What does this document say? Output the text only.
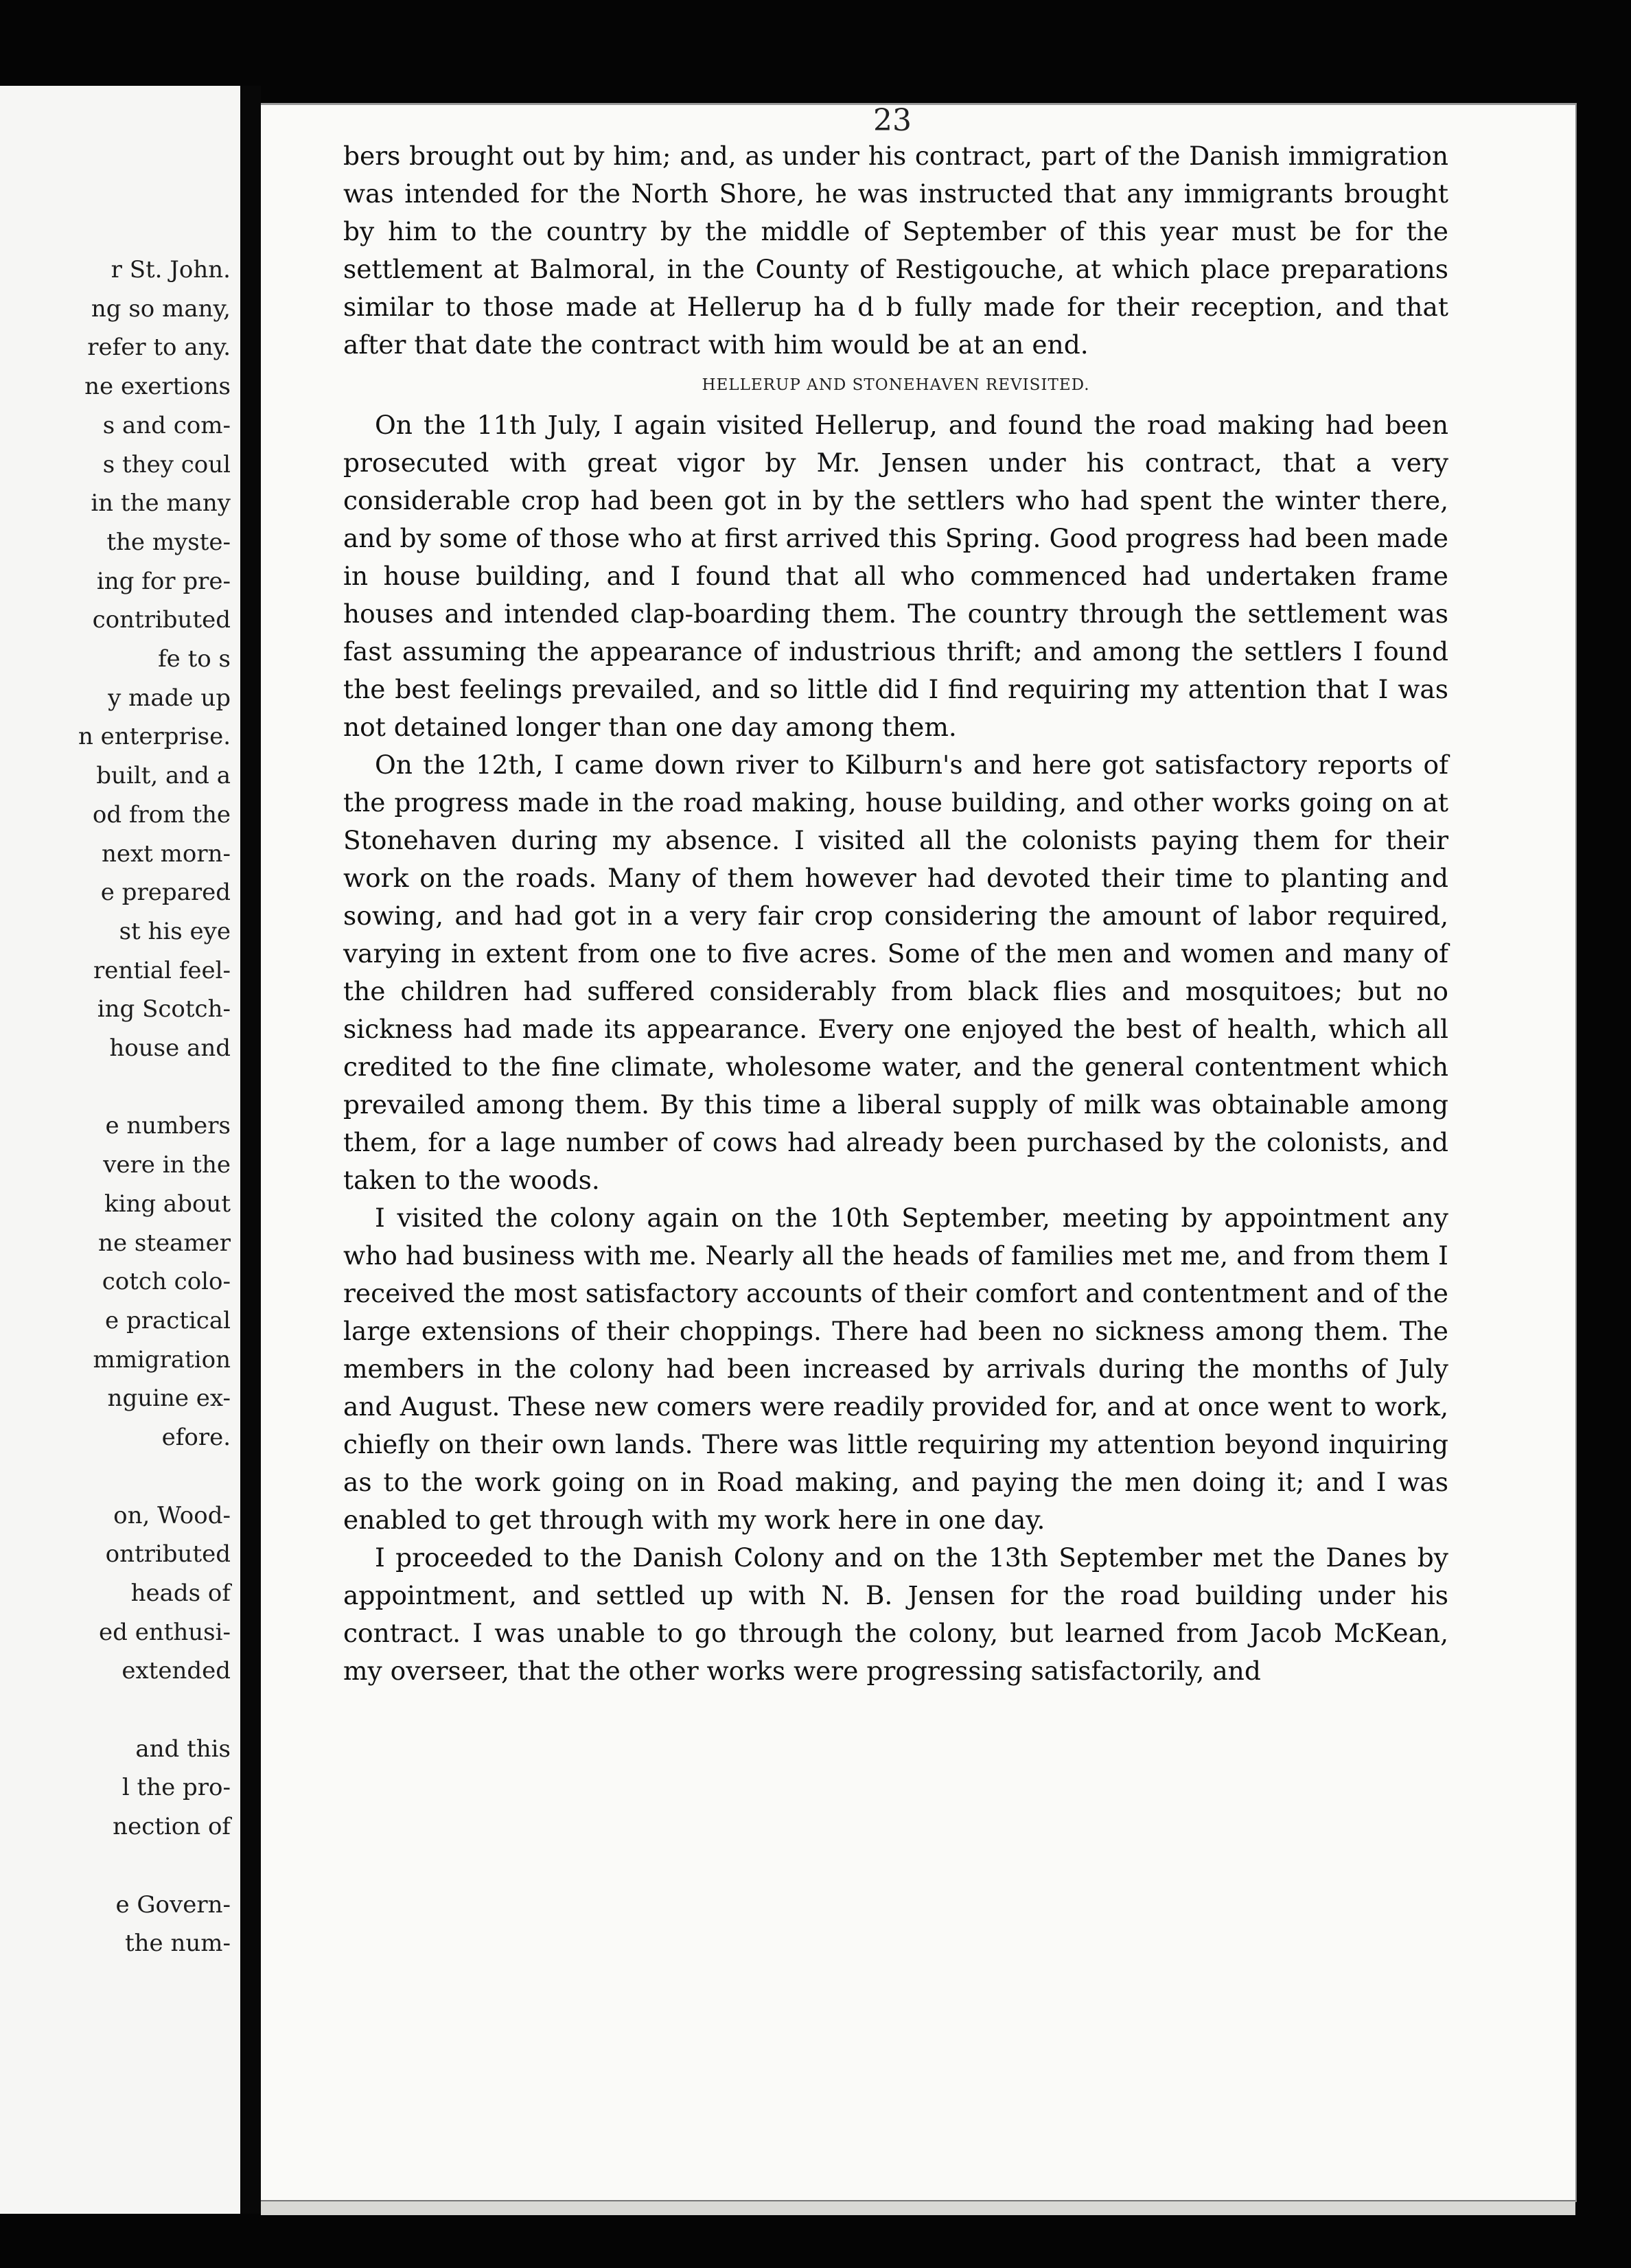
r St. John.
ng so many,
refer to any.
ne exertions
s and com-
s they coul
in the many
the myste-
ing for pre-
contributed
fe to s
y made up
n enterprise.
built, and a
od from the
next morn-
e prepared
st his eye
rential feel-
ing Scotch-
house and

e numbers
vere in the
king about
ne steamer
cotch colo-
e practical
mmigration
nguine ex-
efore.

on, Wood-
ontributed
heads of
ed enthusi-
extended

and this
l the pro-
nection of

e Govern-
the num-
23

bers brought out by him; and, as under his contract, part of the Danish immigration was intended for the North Shore, he was instructed that any immigrants brought by him to the country by the middle of September of this year must be for the settlement at Balmoral, in the County of Restigouche, at which place preparations similar to those made at Hellerup ha d b fully made for their reception, and that after that date the contract with him would be at an end.

HELLERUP AND STONEHAVEN REVISITED.

On the 11th July, I again visited Hellerup, and found the road making had been prosecuted with great vigor by Mr. Jensen under his contract, that a very considerable crop had been got in by the settlers who had spent the winter there, and by some of those who at first arrived this Spring. Good progress had been made in house building, and I found that all who commenced had undertaken frame houses and intended clap-boarding them. The country through the settlement was fast assuming the appearance of industrious thrift; and among the settlers I found the best feelings prevailed, and so little did I find requiring my attention that I was not detained longer than one day among them.

On the 12th, I came down river to Kilburn's and here got satisfactory reports of the progress made in the road making, house building, and other works going on at Stonehaven during my absence. I visited all the colonists paying them for their work on the roads. Many of them however had devoted their time to planting and sowing, and had got in a very fair crop considering the amount of labor required, varying in extent from one to five acres. Some of the men and women and many of the children had suffered considerably from black flies and mosquitoes; but no sickness had made its appearance. Every one enjoyed the best of health, which all credited to the fine climate, wholesome water, and the general contentment which prevailed among them. By this time a liberal supply of milk was obtainable among them, for a lage number of cows had already been purchased by the colonists, and taken to the woods.

I visited the colony again on the 10th September, meeting by appointment any who had business with me. Nearly all the heads of families met me, and from them I received the most satisfactory accounts of their comfort and contentment and of the large extensions of their choppings. There had been no sickness among them. The members in the colony had been increased by arrivals during the months of July and August. These new comers were readily provided for, and at once went to work, chiefly on their own lands. There was little requiring my attention beyond inquiring as to the work going on in Road making, and paying the men doing it; and I was enabled to get through with my work here in one day.

I proceeded to the Danish Colony and on the 13th September met the Danes by appointment, and settled up with N. B. Jensen for the road building under his contract. I was unable to go through the colony, but learned from Jacob McKean, my overseer, that the other works were progressing satisfactorily, and
